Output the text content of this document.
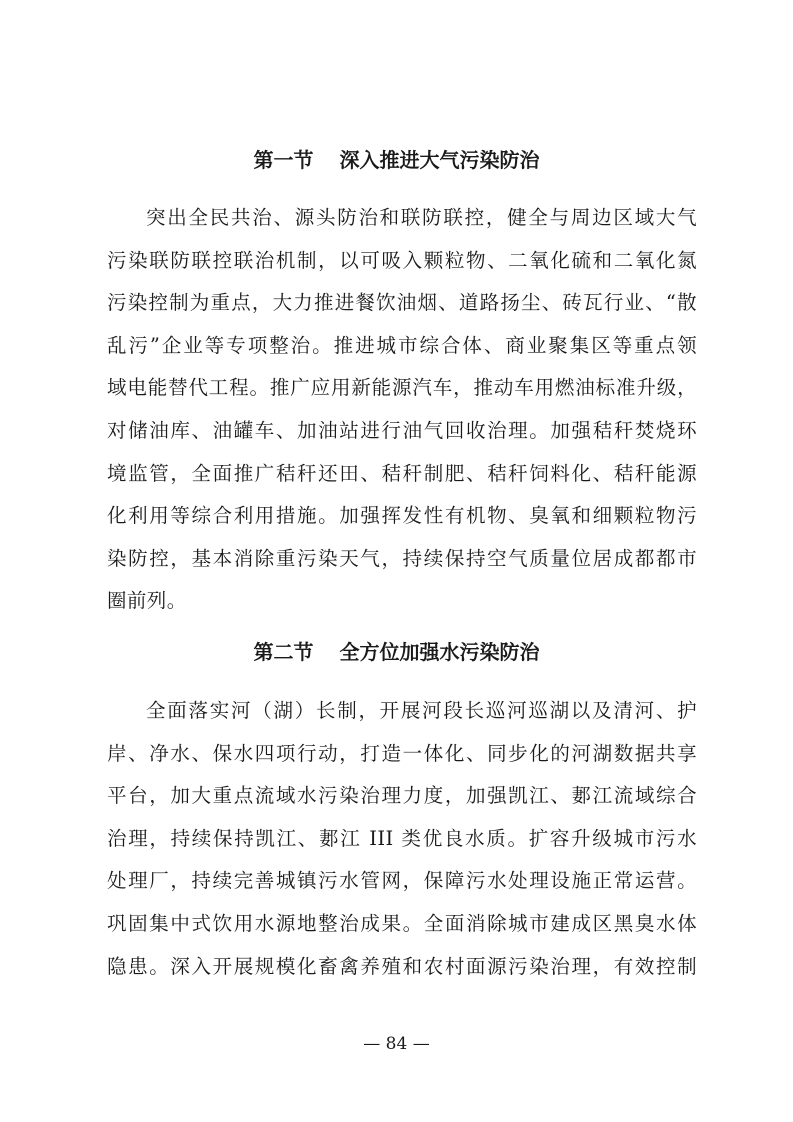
第一节 深入推进大气污染防治
突出全民共治、源头防治和联防联控，健全与周边区域大气
污染联防联控联治机制，以可吸入颗粒物、二氧化硫和二氧化氮
污染控制为重点，大力推进餐饮油烟、道路扬尘、砖瓦行业、“散
乱污”企业等专项整治。推进城市综合体、商业聚集区等重点领
域电能替代工程。推广应用新能源汽车，推动车用燃油标准升级，
对储油库、油罐车、加油站进行油气回收治理。加强秸秆焚烧环
境监管，全面推广秸秆还田、秸秆制肥、秸秆饲料化、秸秆能源
化利用等综合利用措施。加强挥发性有机物、臭氧和细颗粒物污
染防控，基本消除重污染天气，持续保持空气质量位居成都都市
圈前列。
第二节 全方位加强水污染防治
全面落实河（湖）长制，开展河段长巡河巡湖以及清河、护
岸、净水、保水四项行动，打造一体化、同步化的河湖数据共享
平台，加大重点流域水污染治理力度，加强凯江、郪江流域综合
治理，持续保持凯江、郪江 III 类优良水质。扩容升级城市污水
处理厂，持续完善城镇污水管网，保障污水处理设施正常运营。
巩固集中式饮用水源地整治成果。全面消除城市建成区黑臭水体
隐患。深入开展规模化畜禽养殖和农村面源污染治理，有效控制
— 84 —
